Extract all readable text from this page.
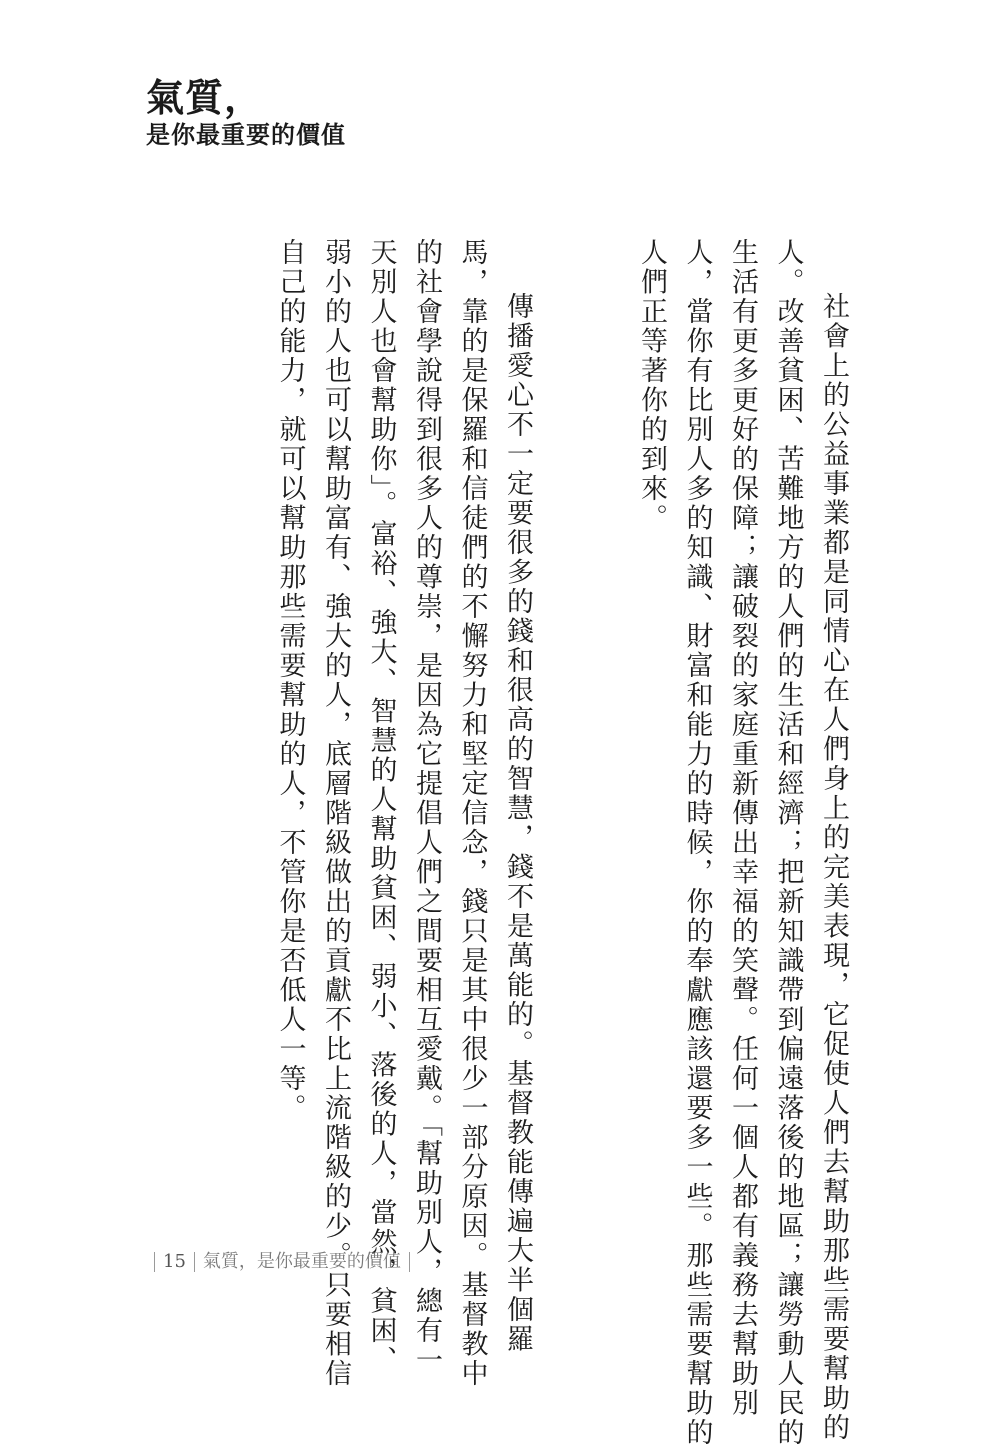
氣質，
是你最重要的價值
社會上的公益事業都是同情心在人們身上的完美表現，它促使人們去幫助那些需要幫助的
人。改善貧困、苦難地方的人們的生活和經濟；把新知識帶到偏遠落後的地區；讓勞動人民的
生活有更多更好的保障；讓破裂的家庭重新傳出幸福的笑聲。任何一個人都有義務去幫助別
人，當你有比別人多的知識、財富和能力的時候，你的奉獻應該還要多一些。那些需要幫助的
人們正等著你的到來。
傳播愛心不一定要很多的錢和很高的智慧，錢不是萬能的。基督教能傳遍大半個羅
馬，靠的是保羅和信徒們的不懈努力和堅定信念，錢只是其中很少一部分原因。基督教中
的社會學說得到很多人的尊崇，是因為它提倡人們之間要相互愛戴。「幫助別人，總有一
天別人也會幫助你」。富裕、強大、智慧的人幫助貧困、弱小、落後的人，當然，貧困、
弱小的人也可以幫助富有、強大的人，底層階級做出的貢獻不比上流階級的少。只要相信
自己的能力，就可以幫助那些需要幫助的人，不管你是否低人一等。
15 氣質，是你最重要的價值
